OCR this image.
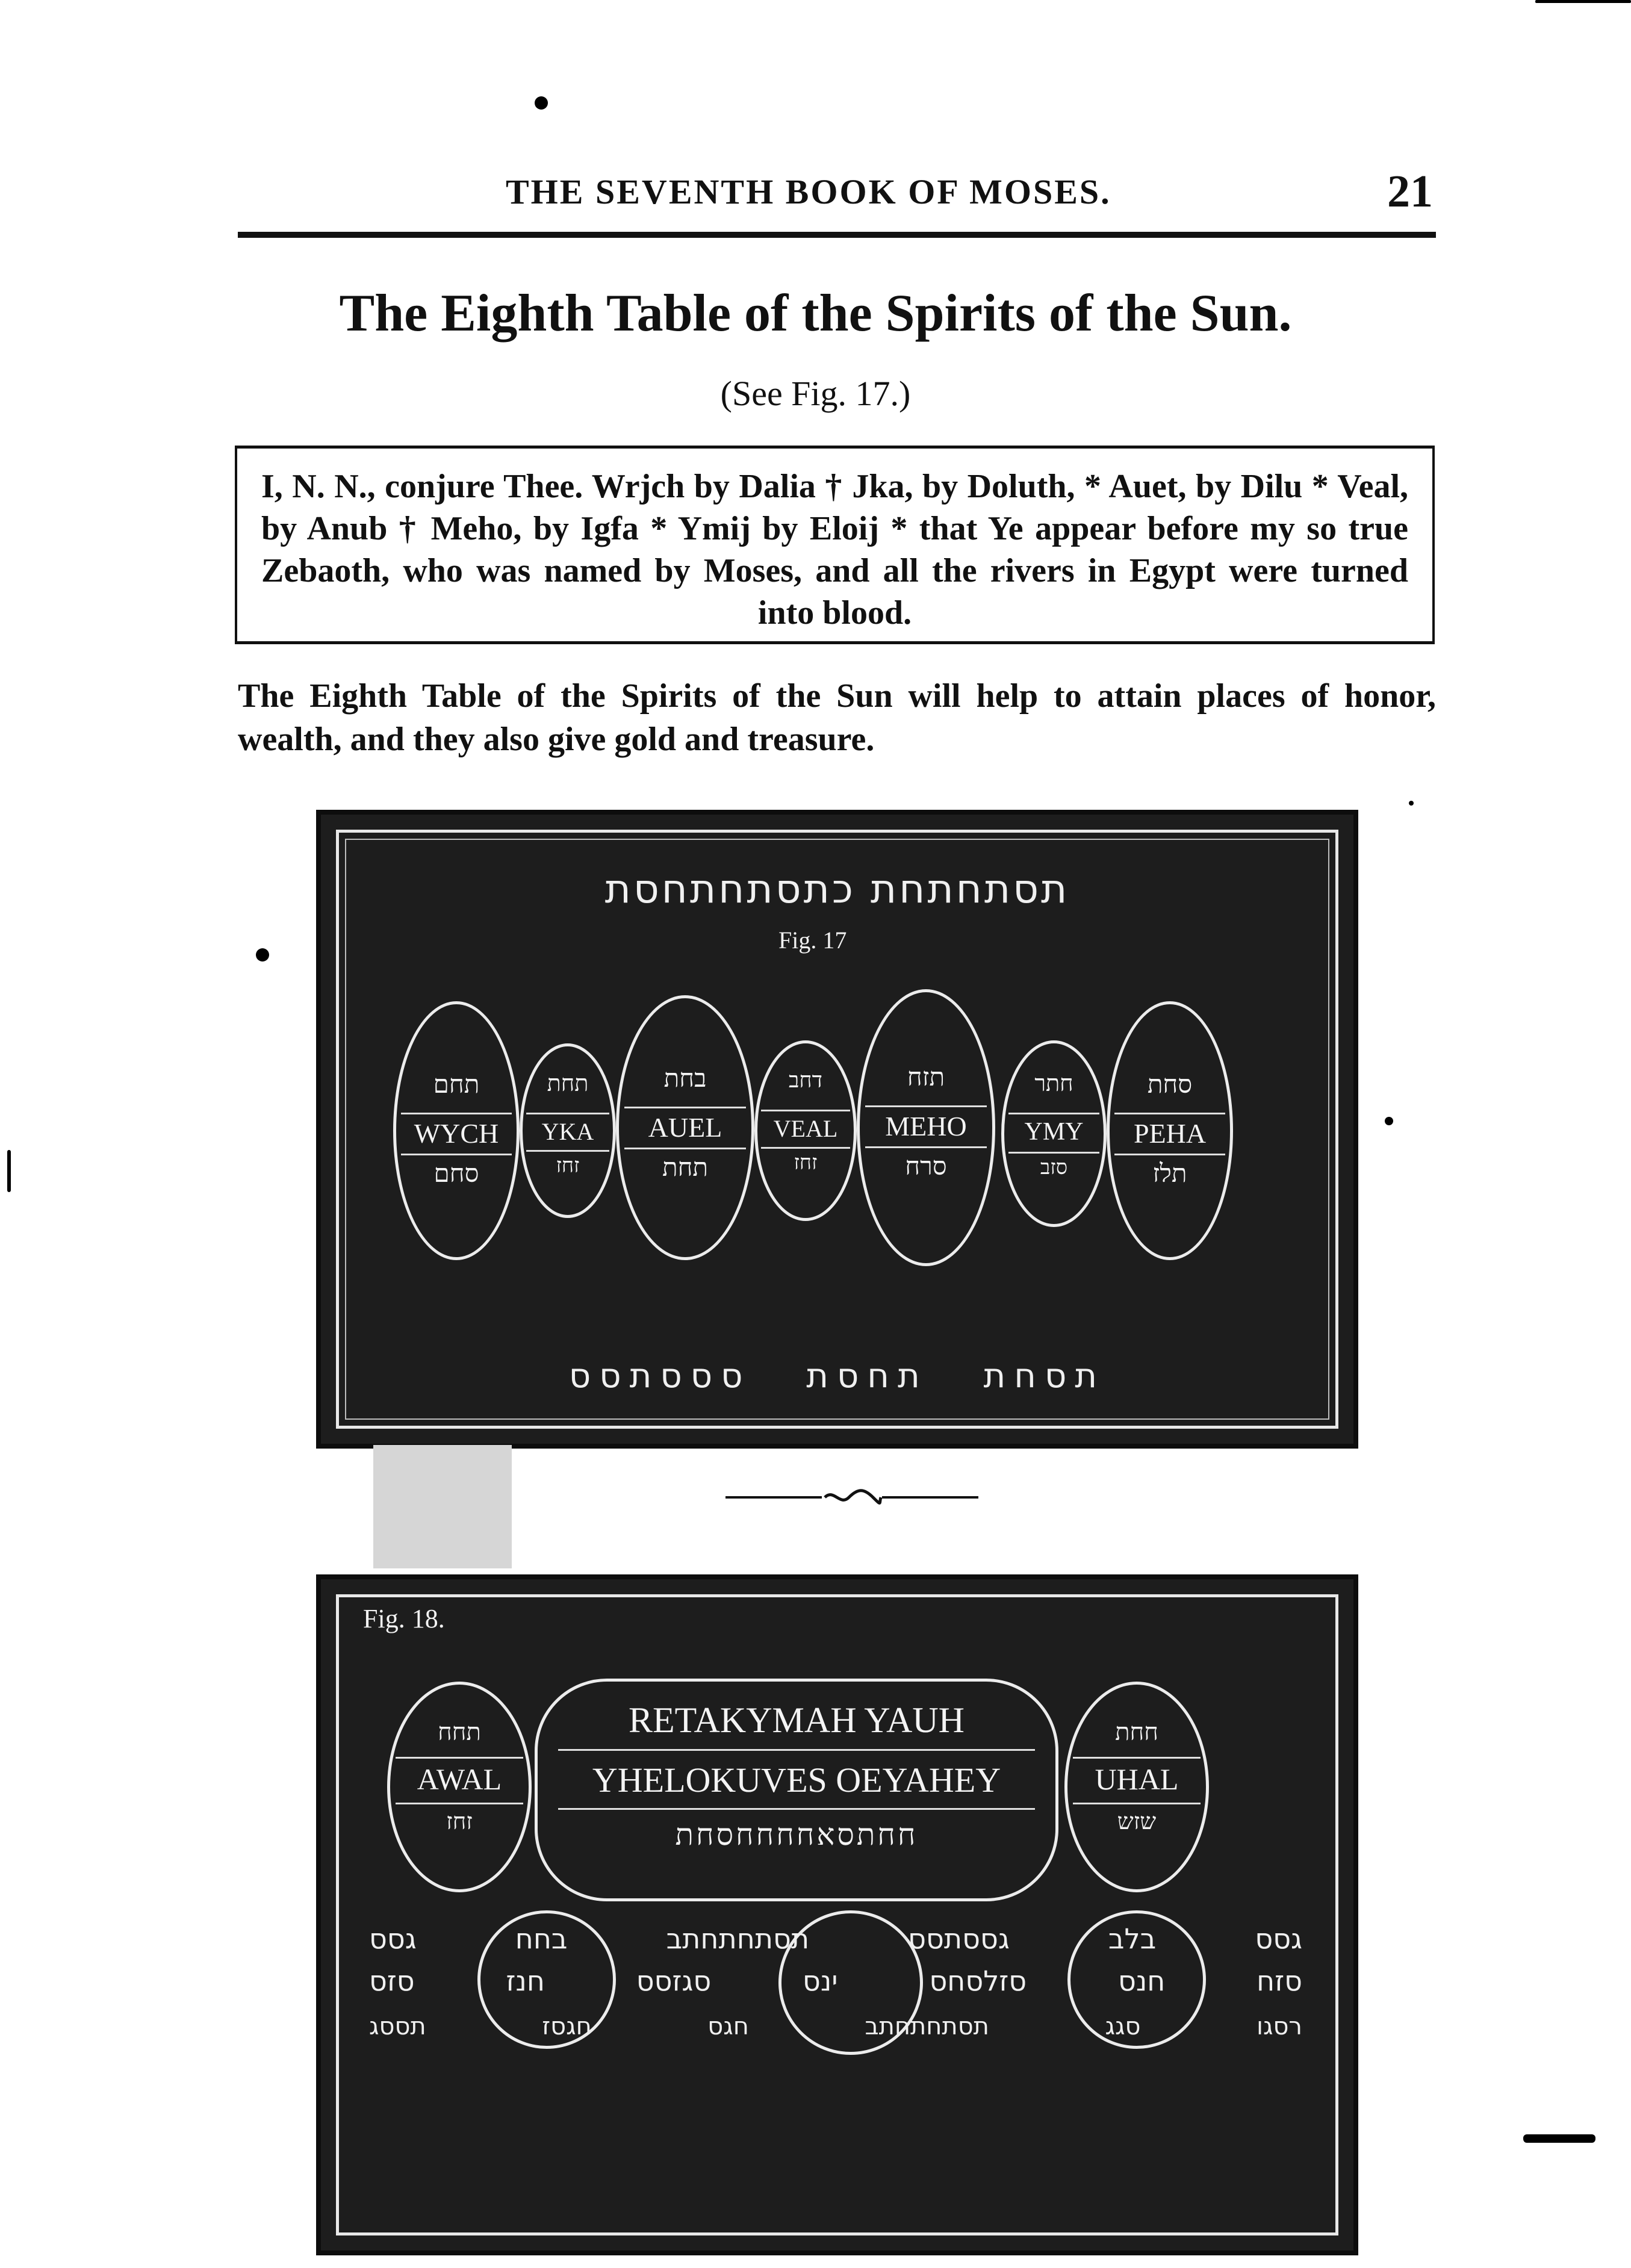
THE SEVENTH BOOK OF MOSES.	21
The Eighth Table of the Spirits of the Sun.
(See Fig. 17.)
I, N. N., conjure Thee. Wrjch by Dalia † Jka, by Doluth, * Auet, by Dilu * Veal, by Anub † Meho, by Igfa * Ymij by Eloij * that Ye appear before my so true Zebaoth, who was named by Moses, and all the rivers in Egypt were turned into blood.
The Eighth Table of the Spirits of the Sun will help to attain places of honor, wealth, and they also give gold and treasure.
תסתחתחת כתסתחתחסת
Fig. 17
תחם
WYCH
סחם
תחת
YKA
זחז
בחת
AUEL
תחת
דחב
VEAL
זחז
תזח
MEHO
סרח
חתר
YMY
סזב
סחת
PEHA
תלז
תסחת תחסת סססתסס
Fig. 18.
תחח
AWAL
זחז
RETAKYMAH YAUH
YHELOKUVES OEYAHEY
חחתסאחחחחסחת
חחת
UHAL
שזש
גסס בלב גססתסס תסתחתחתב בחח גסס
סזח חנס סזלסחס ינס סגזסס חנז סזס
רסגו סגג תסתחתחתב חגס חגסז תססג
